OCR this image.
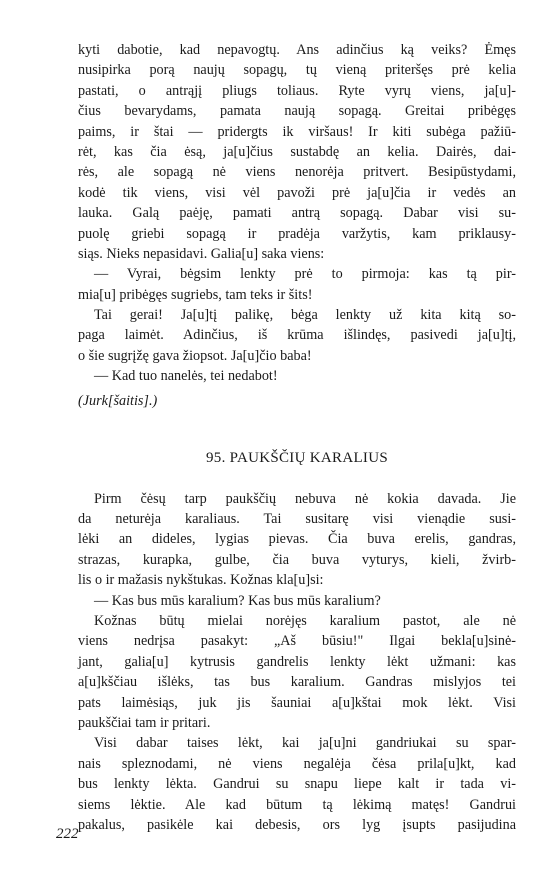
kyti dabotie, kad nepavogtų. Ans adinčius ką veiks? Ėmęs
nusipirka porą naujų sopagų, tų vieną priteršęs prė kelia
pastati, o antrąjį pliugs toliaus. Ryte vyrų viens, ja[u]-
čius bevarydams, pamata naują sopagą. Greitai pribėgęs
paims, ir štai — pridergts ik viršaus! Ir kiti subėga pažiū-
rėt, kas čia ėsą, ja[u]čius sustabdę an kelia. Dairės, dai-
rės, ale sopagą nė viens nenorėja pritvert. Besipūstydami,
kodė tik viens, visi vėl pavoži prė ja[u]čia ir vedės an
lauka. Galą paėję, pamati antrą sopagą. Dabar visi su-
puolę griebi sopagą ir pradėja varžytis, kam priklausy-
siąs. Nieks nepasidavi. Galia[u] saka viens:
— Vyrai, bėgsim lenkty prė to pirmoja: kas tą pir-
mia[u] pribėgęs sugriebs, tam teks ir šits!
Tai gerai! Ja[u]tį palikę, bėga lenkty už kita kitą so-
paga laimėt. Adinčius, iš krūma išlindęs, pasivedi ja[u]tį,
o šie sugrįžę gava žiopsot. Ja[u]čio baba!
— Kad tuo nanelės, tei nedabot!
(Jurk[šaitis].)
95. PAUKŠČIŲ KARALIUS
Pirm čėsų tarp paukščių nebuva nė kokia davada. Jie
da neturėja karaliaus. Tai susitarę visi vienądie susi-
lėki an dideles, lygias pievas. Čia buva erelis, gandras,
strazas, kurapka, gulbe, čia buva vyturys, kieli, žvirb-
lis o ir mažasis nykštukas. Kožnas kla[u]si:
— Kas bus mūs karalium? Kas bus mūs karalium?
Kožnas būtų mielai norėjęs karalium pastot, ale nė
viens nedrįsa pasakyt: „Aš būsiu!" Ilgai bekla[u]sinė-
jant, galia[u] kytrusis gandrelis lenkty lėkt užmani: kas
a[u]kščiau išlėks, tas bus karalium. Gandras mislyjos tei
pats laimėsiąs, juk jis šauniai a[u]kštai mok lėkt. Visi
paukščiai tam ir pritari.
Visi dabar taises lėkt, kai ja[u]ni gandriukai su spar-
nais spleznodami, nė viens negalėja čėsa prila[u]kt, kad
bus lenkty lėkta. Gandrui su snapu liepe kalt ir tada vi-
siems lėktie. Ale kad būtum tą lėkimą matęs! Gandrui
pakalus, pasikėle kai debesis, ors lyg įsupts pasijudina
222
